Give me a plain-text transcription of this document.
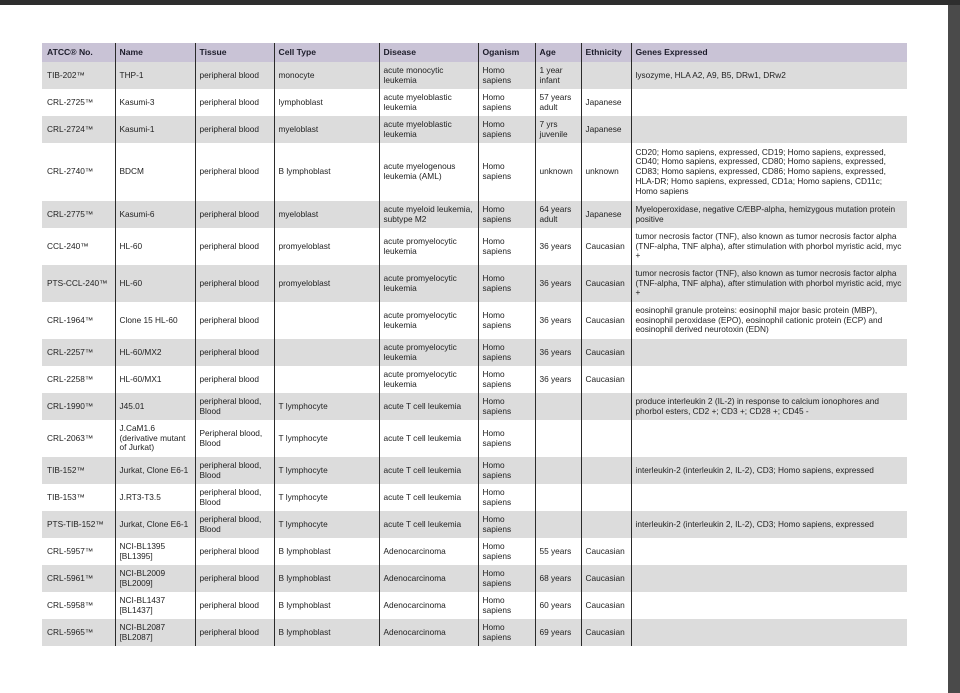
ATCC® No.	Name	Tissue	Cell Type	Disease	Oganism	Age	Ethnicity	Genes Expressed
TIB-202™	THP-1	peripheral blood	monocyte	acute monocytic leukemia	Homo sapiens	1 year infant		lysozyme, HLA A2, A9, B5, DRw1, DRw2
CRL-2725™	Kasumi-3	peripheral blood	lymphoblast	acute myeloblastic leukemia	Homo sapiens	57 years adult	Japanese	
CRL-2724™	Kasumi-1	peripheral blood	myeloblast	acute myeloblastic leukemia	Homo sapiens	7 yrs juvenile	Japanese	
CRL-2740™	BDCM	peripheral blood	B lymphoblast	acute myelogenous leukemia (AML)	Homo sapiens	unknown	unknown	CD20; Homo sapiens, expressed, CD19; Homo sapiens, expressed, CD40; Homo sapiens, expressed, CD80; Homo sapiens, expressed, CD83; Homo sapiens, expressed, CD86; Homo sapiens, expressed, HLA-DR; Homo sapiens, expressed, CD1a; Homo sapiens, CD11c; Homo sapiens
CRL-2775™	Kasumi-6	peripheral blood	myeloblast	acute myeloid leukemia, subtype M2	Homo sapiens	64 years adult	Japanese	Myeloperoxidase, negative C/EBP-alpha, hemizygous mutation protein positive
CCL-240™	HL-60	peripheral blood	promyeloblast	acute promyelocytic leukemia	Homo sapiens	36 years	Caucasian	tumor necrosis factor (TNF), also known as tumor necrosis factor alpha (TNF-alpha, TNF alpha), after stimulation with phorbol myristic acid, myc +
PTS-CCL-240™	HL-60	peripheral blood	promyeloblast	acute promyelocytic leukemia	Homo sapiens	36 years	Caucasian	tumor necrosis factor (TNF), also known as tumor necrosis factor alpha (TNF-alpha, TNF alpha), after stimulation with phorbol myristic acid, myc +
CRL-1964™	Clone 15 HL-60	peripheral blood		acute promyelocytic leukemia	Homo sapiens	36 years	Caucasian	eosinophil granule proteins: eosinophil major basic protein (MBP), eosinophil peroxidase (EPO), eosinophil cationic protein (ECP) and eosinophil derived neurotoxin (EDN)
CRL-2257™	HL-60/MX2	peripheral blood		acute promyelocytic leukemia	Homo sapiens	36 years	Caucasian	
CRL-2258™	HL-60/MX1	peripheral blood		acute promyelocytic leukemia	Homo sapiens	36 years	Caucasian	
CRL-1990™	J45.01	peripheral blood, Blood	T lymphocyte	acute T cell leukemia	Homo sapiens			produce interleukin 2 (IL-2) in response to calcium ionophores and phorbol esters, CD2 +; CD3 +; CD28 +; CD45 -
CRL-2063™	J.CaM1.6 (derivative mutant of Jurkat)	Peripheral blood, Blood	T lymphocyte	acute T cell leukemia	Homo sapiens			
TIB-152™	Jurkat, Clone E6-1	peripheral blood, Blood	T lymphocyte	acute T cell leukemia	Homo sapiens			interleukin-2 (interleukin 2, IL-2), CD3; Homo sapiens, expressed
TIB-153™	J.RT3-T3.5	peripheral blood, Blood	T lymphocyte	acute T cell leukemia	Homo sapiens			
PTS-TIB-152™	Jurkat, Clone E6-1	peripheral blood, Blood	T lymphocyte	acute T cell leukemia	Homo sapiens			interleukin-2 (interleukin 2, IL-2), CD3; Homo sapiens, expressed
CRL-5957™	NCI-BL1395 [BL1395]	peripheral blood	B lymphoblast	Adenocarcinoma	Homo sapiens	55 years	Caucasian	
CRL-5961™	NCI-BL2009 [BL2009]	peripheral blood	B lymphoblast	Adenocarcinoma	Homo sapiens	68 years	Caucasian	
CRL-5958™	NCI-BL1437 [BL1437]	peripheral blood	B lymphoblast	Adenocarcinoma	Homo sapiens	60 years	Caucasian	
CRL-5965™	NCI-BL2087 [BL2087]	peripheral blood	B lymphoblast	Adenocarcinoma	Homo sapiens	69 years	Caucasian	
